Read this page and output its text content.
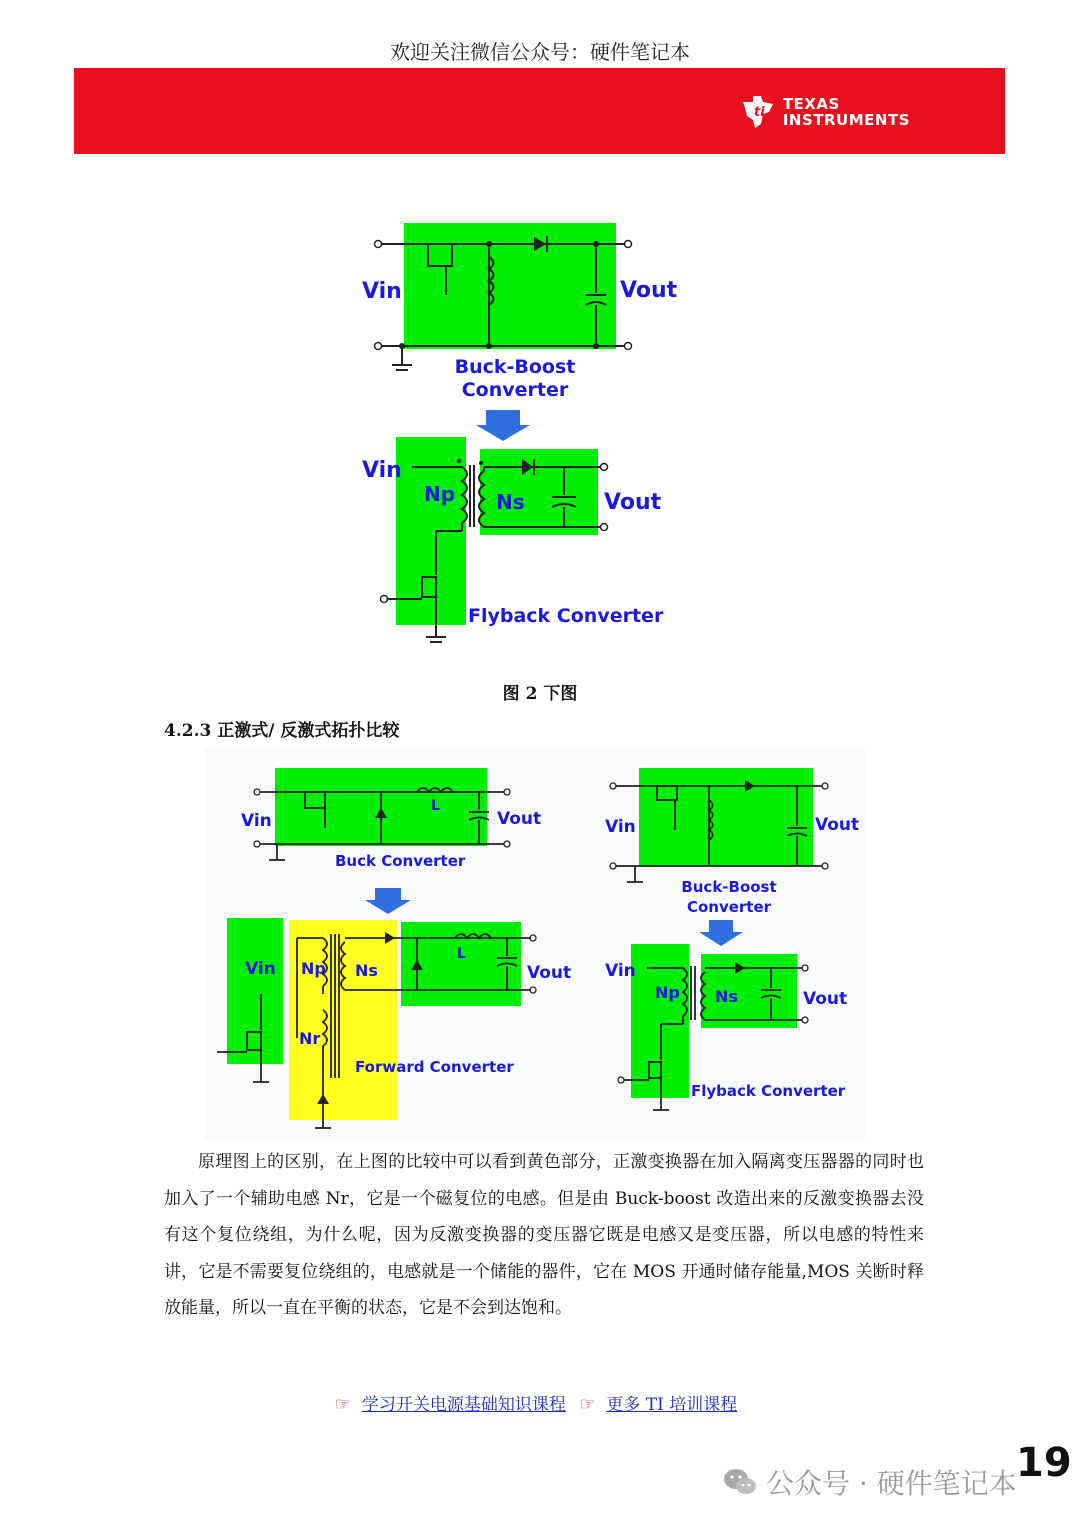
欢迎关注微信公众号：硬件笔记本
ti TEXAS
INSTRUMENTS
Vin	Vout
Buck-Boost
Converter
Vin
Np Ns	Vout
Flyback Converter
图 2 下图
4.2.3 正激式/ 反激式拓扑比较
Vin	Vout
L
Buck Converter
Vin Np Ns
Nr
L
Vout
Forward Converter
Vin	Vout
Buck-Boost
Converter
Vin
Np Ns	Vout
Flyback Converter

原理图上的区别，在上图的比较中可以看到黄色部分，正激变换器在加入隔离变压器器的同时也加入了一个辅助电感 Nr，它是一个磁复位的电感。但是由 Buck-boost 改造出来的反激变换器去没有这个复位绕组，为什么呢，因为反激变换器的变压器它既是电感又是变压器，所以电感的特性来讲，它是不需要复位绕组的，电感就是一个储能的器件，它在 MOS 开通时储存能量,MOS 关断时释放能量，所以一直在平衡的状态，它是不会到达饱和。

☞ 学习开关电源基础知识课程 ☞ 更多 TI 培训课程
公众号 · 硬件笔记本 19
